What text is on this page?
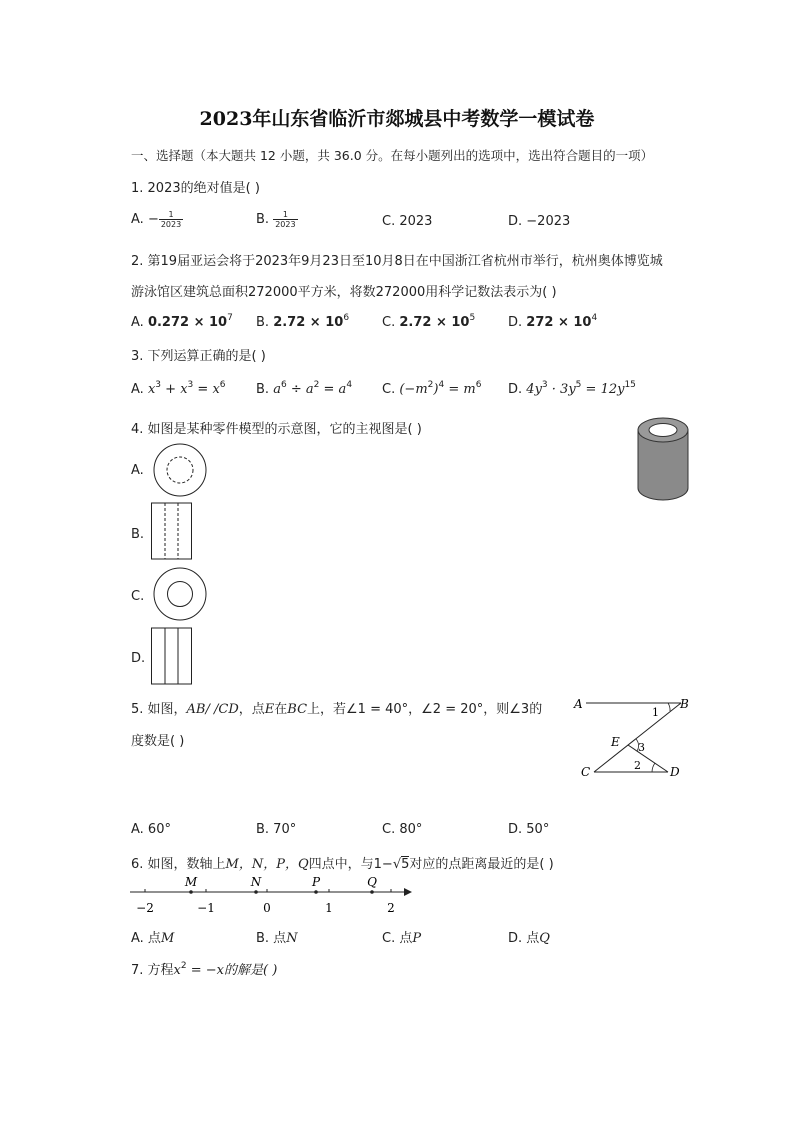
2023年山东省临沂市郯城县中考数学一模试卷
一、选择题（本大题共 12 小题，共 36.0 分。在每小题列出的选项中，选出符合题目的一项）
1. 2023的绝对值是( )
A. − $\frac{1}{2023}$	B. $\frac{1}{2023}$	C. 2023	D. −2023
2. 第19届亚运会将于2023年9月23日至10月8日在中国浙江省杭州市举行，杭州奥体博览城
游泳馆区建筑总面积272000平方米，将数272000用科学记数法表示为( )
A. $0.272 \times 10^7$ B. $2.72 \times 10^6$	C. $2.72 \times 10^5$	D. $272 \times 10^4$
3. 下列运算正确的是( )
A. $x^3 + x^3 = x^6$ B. $a^6 \div a^2 = a^4$ C. $(-m^2)^4 = m^6$ D. $4y^3 \cdot 3y^5 = 12y^{15}$
4. 如图是某种零件模型的示意图，它的主视图是( )
A.
B.
C.
D.
5. 如图，AB/ /CD，点E在BC上，若∠1 = 40°，∠2 = 20°，则∠3的
度数是( )
A	B
C	D
E
1
2
3
A. 60°	B. 70°	C. 80°	D. 50°
6. 如图，数轴上M，N，P，Q四点中，与1−√5对应的点距离最近的是( )
−2	−1	0	1	2
M	N	P	Q
A. 点M	B. 点N	C. 点P	D. 点Q
7. 方程$x^2 = -x$的解是( )
